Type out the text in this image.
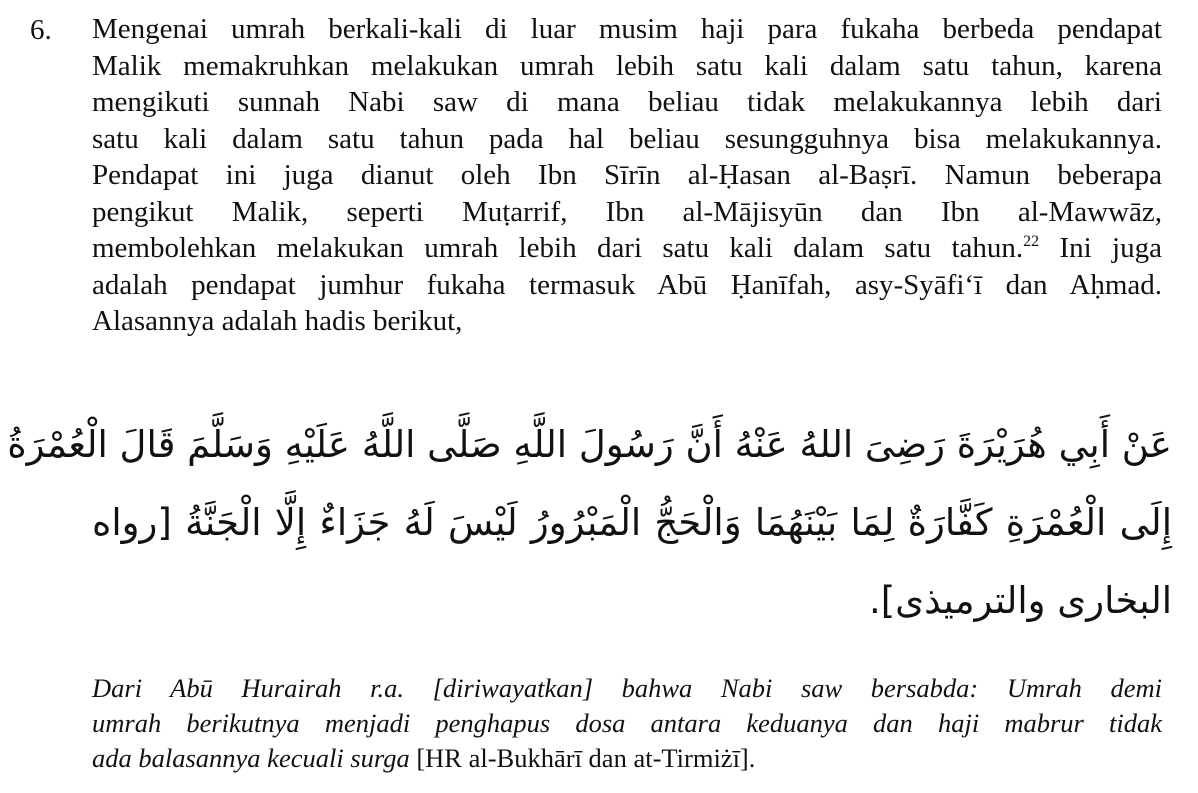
6. Mengenai umrah berkali-kali di luar musim haji para fukaha berbeda pendapat
Malik memakruhkan melakukan umrah lebih satu kali dalam satu tahun, karena
mengikuti sunnah Nabi saw di mana beliau tidak melakukannya lebih dari
satu kali dalam satu tahun pada hal beliau sesungguhnya bisa melakukannya.
Pendapat ini juga dianut oleh Ibn Sīrīn al-Ḥasan al-Baṣrī. Namun beberapa
pengikut Malik, seperti Muṭarrif, Ibn al-Mājisyūn dan Ibn al-Mawwāz,
membolehkan melakukan umrah lebih dari satu kali dalam satu tahun.$^{22}$ Ini juga
adalah pendapat jumhur fukaha termasuk Abū Ḥanīfah, asy-Syāfi‘ī dan Aḥmad.
Alasannya adalah hadis berikut,
عَنْ أَبِي هُرَيْرَةَ رَضِىَ اللهُ عَنْهُ أَنَّ رَسُولَ اللَّهِ صَلَّى اللَّهُ عَلَيْهِ وَسَلَّمَ قَالَ الْعُمْرَةُ
إِلَى الْعُمْرَةِ كَفَّارَةٌ لِمَا بَيْنَهُمَا وَالْحَجُّ الْمَبْرُورُ لَيْسَ لَهُ جَزَاءٌ إِلَّا الْجَنَّةُ [رواه
البخارى والترميذى].
Dari Abū Hurairah r.a. [diriwayatkan] bahwa Nabi saw bersabda: Umrah demi
umrah berikutnya menjadi penghapus dosa antara keduanya dan haji mabrur tidak
ada balasannya kecuali surga [HR al-Bukhārī dan at-Tirmiżī].
